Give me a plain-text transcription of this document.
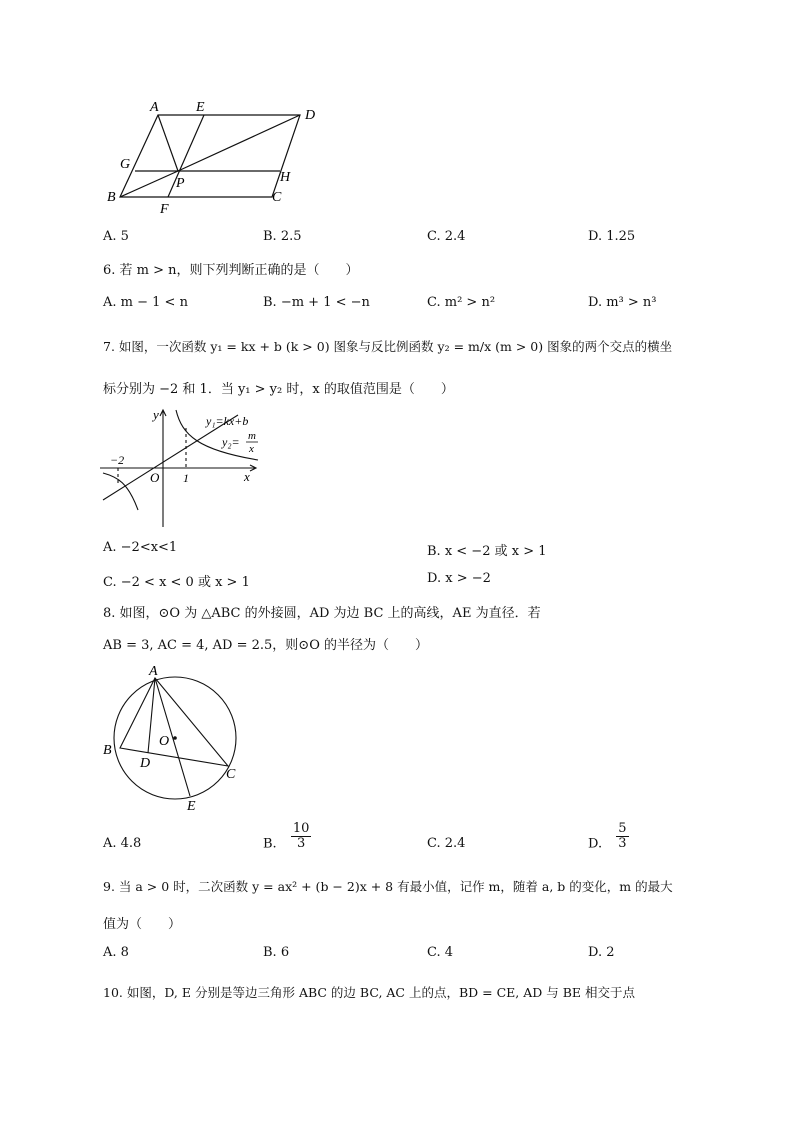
A	E
D
G
P	H
B
F
C
A. 5	B. 2.5	C. 2.4	D. 1.25
6. 若 m > n，则下列判断正确的是（　　）
A. m − 1 < n	B. −m + 1 < −n	C. m² > n²	D. m³ > n³
7. 如图，一次函数 y₁ = kx + b (k > 0) 图象与反比例函数 y₂ = m/x (m > 0) 图象的两个交点的横坐
标分别为 −2 和 1．当 y₁ > y₂ 时，x 的取值范围是（　　）
y
x
O
−2
1
y₁=kx+b
y₂= m
x
A. −2<x<1	B. x < −2 或 x > 1
C. −2 < x < 0 或 x > 1	D. x > −2
8. 如图，⊙O 为 △ABC 的外接圆，AD 为边 BC 上的高线，AE 为直径．若
AB = 3, AC = 4, AD = 2.5，则⊙O 的半径为（　　）
A
B
C
D
E
O
A. 4.8	B. $\frac{10}{3}$	C. 2.4	D. $\frac{5}{3}$
9. 当 a > 0 时，二次函数 y = ax² + (b − 2)x + 8 有最小值，记作 m，随着 a, b 的变化，m 的最大
值为（　　）
A. 8	B. 6	C. 4	D. 2
10. 如图，D, E 分别是等边三角形 ABC 的边 BC, AC 上的点，BD = CE, AD 与 BE 相交于点
